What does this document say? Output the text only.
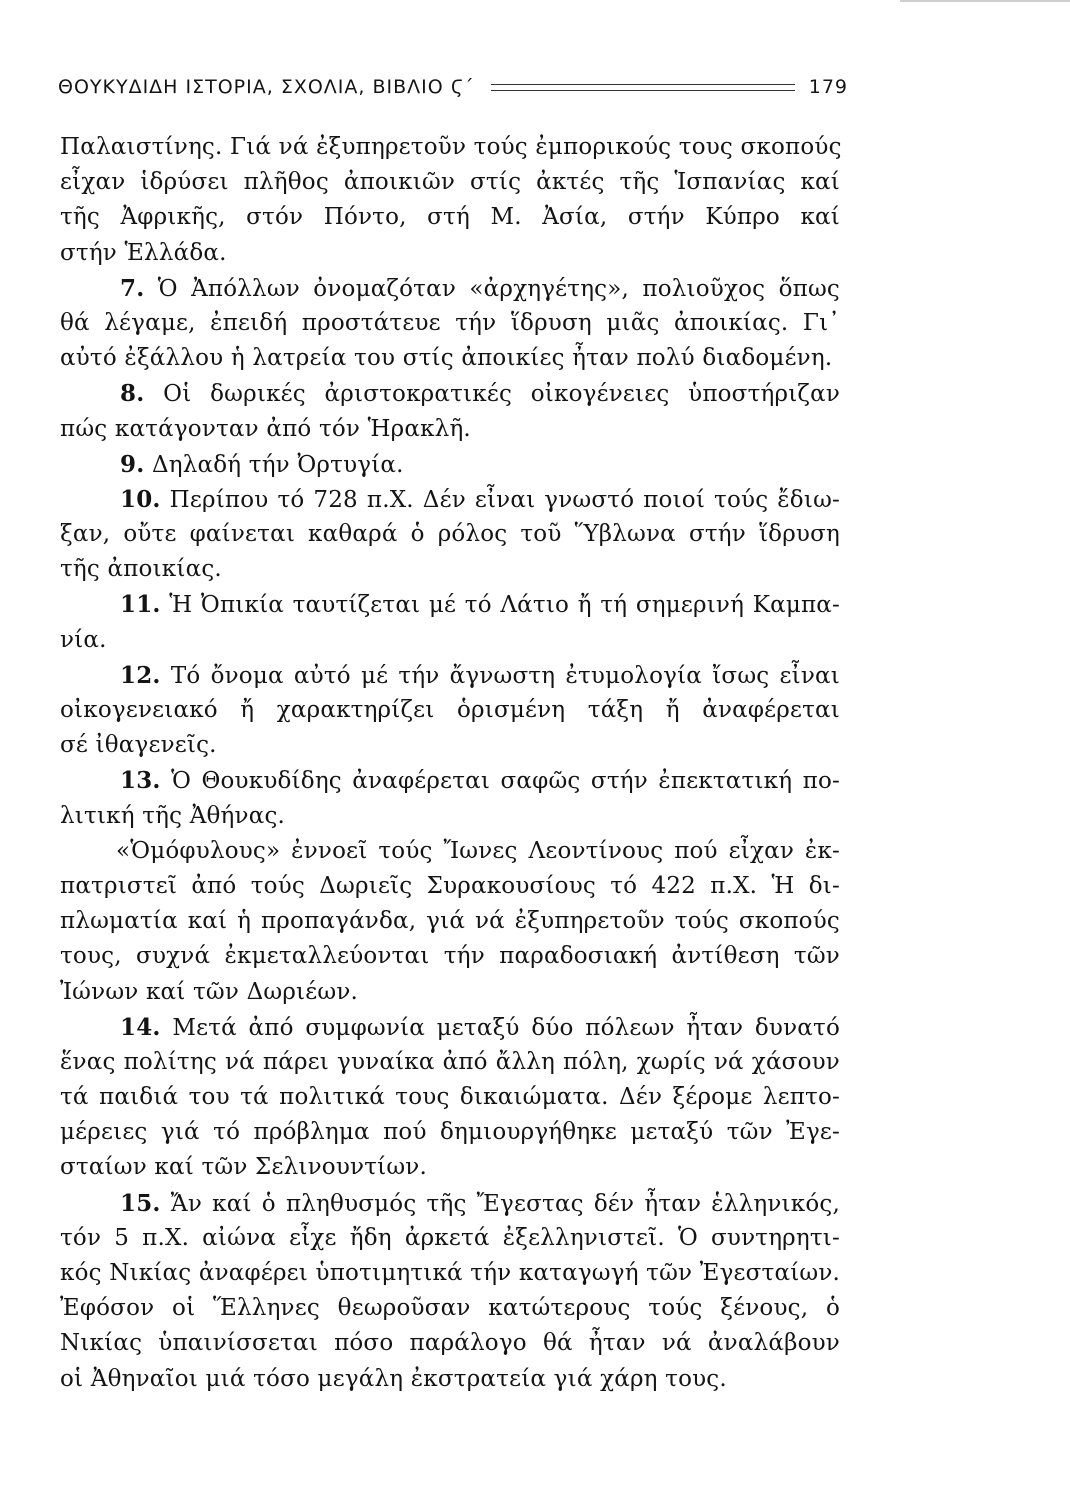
ΘΟΥΚΥΔΙΔΗ ΙΣΤΟΡΙΑ, ΣΧΟΛΙΑ, ΒΙΒΛΙΟ Ϛ΄	179
Παλαιστίνης. Γιά νά ἐξυπηρετοῦν τούς ἐμπορικούς τους σκοπούς
εἶχαν ἱδρύσει πλῆθος ἀποικιῶν στίς ἀκτές τῆς Ἱσπανίας καί
τῆς Ἀφρικῆς, στόν Πόντο, στή Μ. Ἀσία, στήν Κύπρο καί
στήν Ἑλλάδα.
7. Ὁ Ἀπόλλων ὀνομαζόταν «ἀρχηγέτης», πολιοῦχος ὅπως
θά λέγαμε, ἐπειδή προστάτευε τήν ἵδρυση μιᾶς ἀποικίας. Γι᾽
αὐτό ἐξάλλου ἡ λατρεία του στίς ἀποικίες ἦταν πολύ διαδομένη.
8. Οἱ δωρικές ἀριστοκρατικές οἰκογένειες ὑποστήριζαν
πώς κατάγονταν ἀπό τόν Ἡρακλῆ.
9. Δηλαδή τήν Ὀρτυγία.
10. Περίπου τό 728 π.Χ. Δέν εἶναι γνωστό ποιοί τούς ἔδιω-
ξαν, οὔτε φαίνεται καθαρά ὁ ρόλος τοῦ Ὕβλωνα στήν ἵδρυση
τῆς ἀποικίας.
11. Ἡ Ὀπικία ταυτίζεται μέ τό Λάτιο ἤ τή σημερινή Καμπα-
νία.
12. Τό ὄνομα αὐτό μέ τήν ἄγνωστη ἐτυμολογία ἴσως εἶναι
οἰκογενειακό ἤ χαρακτηρίζει ὁρισμένη τάξη ἤ ἀναφέρεται
σέ ἰθαγενεῖς.
13. Ὁ Θουκυδίδης ἀναφέρεται σαφῶς στήν ἐπεκτατική πο-
λιτική τῆς Ἀθήνας.
«Ὁμόφυλους» ἐννοεῖ τούς Ἴωνες Λεοντίνους πού εἶχαν ἐκ-
πατριστεῖ ἀπό τούς Δωριεῖς Συρακουσίους τό 422 π.Χ. Ἡ δι-
πλωματία καί ἡ προπαγάνδα, γιά νά ἐξυπηρετοῦν τούς σκοπούς
τους, συχνά ἐκμεταλλεύονται τήν παραδοσιακή ἀντίθεση τῶν
Ἰώνων καί τῶν Δωριέων.
14. Μετά ἀπό συμφωνία μεταξύ δύο πόλεων ἦταν δυνατό
ἕνας πολίτης νά πάρει γυναίκα ἀπό ἄλλη πόλη, χωρίς νά χάσουν
τά παιδιά του τά πολιτικά τους δικαιώματα. Δέν ξέρομε λεπτο-
μέρειες γιά τό πρόβλημα πού δημιουργήθηκε μεταξύ τῶν Ἐγε-
σταίων καί τῶν Σελινουντίων.
15. Ἄν καί ὁ πληθυσμός τῆς Ἔγεστας δέν ἦταν ἑλληνικός,
τόν 5 π.Χ. αἰώνα εἶχε ἤδη ἀρκετά ἐξελληνιστεῖ. Ὁ συντηρητι-
κός Νικίας ἀναφέρει ὑποτιμητικά τήν καταγωγή τῶν Ἐγεσταίων.
Ἐφόσον οἱ Ἕλληνες θεωροῦσαν κατώτερους τούς ξένους, ὁ
Νικίας ὑπαινίσσεται πόσο παράλογο θά ἦταν νά ἀναλάβουν
οἱ Ἀθηναῖοι μιά τόσο μεγάλη ἐκστρατεία γιά χάρη τους.
